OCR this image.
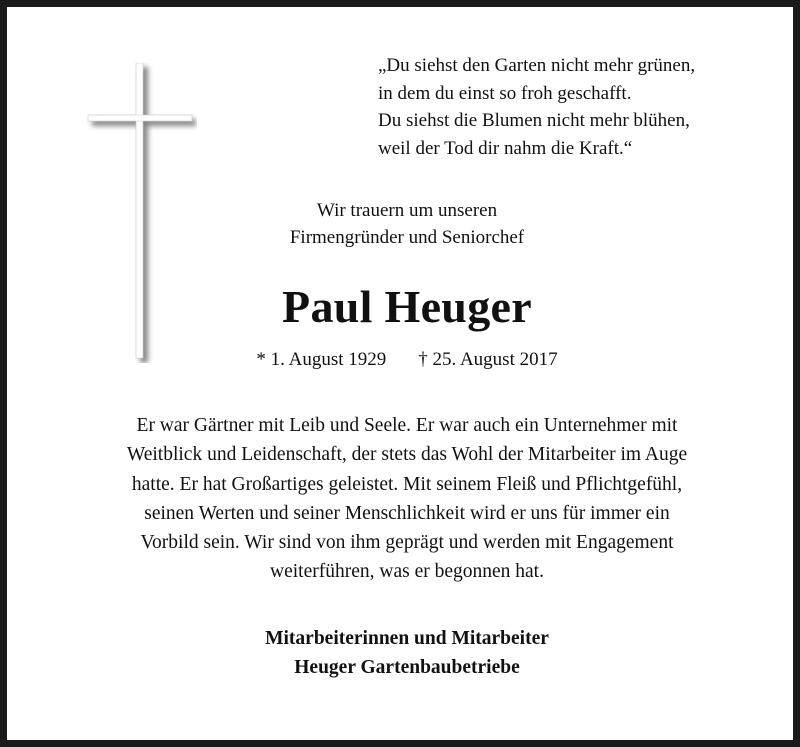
„Du siehst den Garten nicht mehr grünen,
in dem du einst so froh geschafft.
Du siehst die Blumen nicht mehr blühen,
weil der Tod dir nahm die Kraft.“
Wir trauern um unseren
Firmengründer und Seniorchef
Paul Heuger
* 1. August 1929 † 25. August 2017
Er war Gärtner mit Leib und Seele. Er war auch ein Unternehmer mit
Weitblick und Leidenschaft, der stets das Wohl der Mitarbeiter im Auge
hatte. Er hat Großartiges geleistet. Mit seinem Fleiß und Pflichtgefühl,
seinen Werten und seiner Menschlichkeit wird er uns für immer ein
Vorbild sein. Wir sind von ihm geprägt und werden mit Engagement
weiterführen, was er begonnen hat.
Mitarbeiterinnen und Mitarbeiter
Heuger Gartenbaubetriebe
